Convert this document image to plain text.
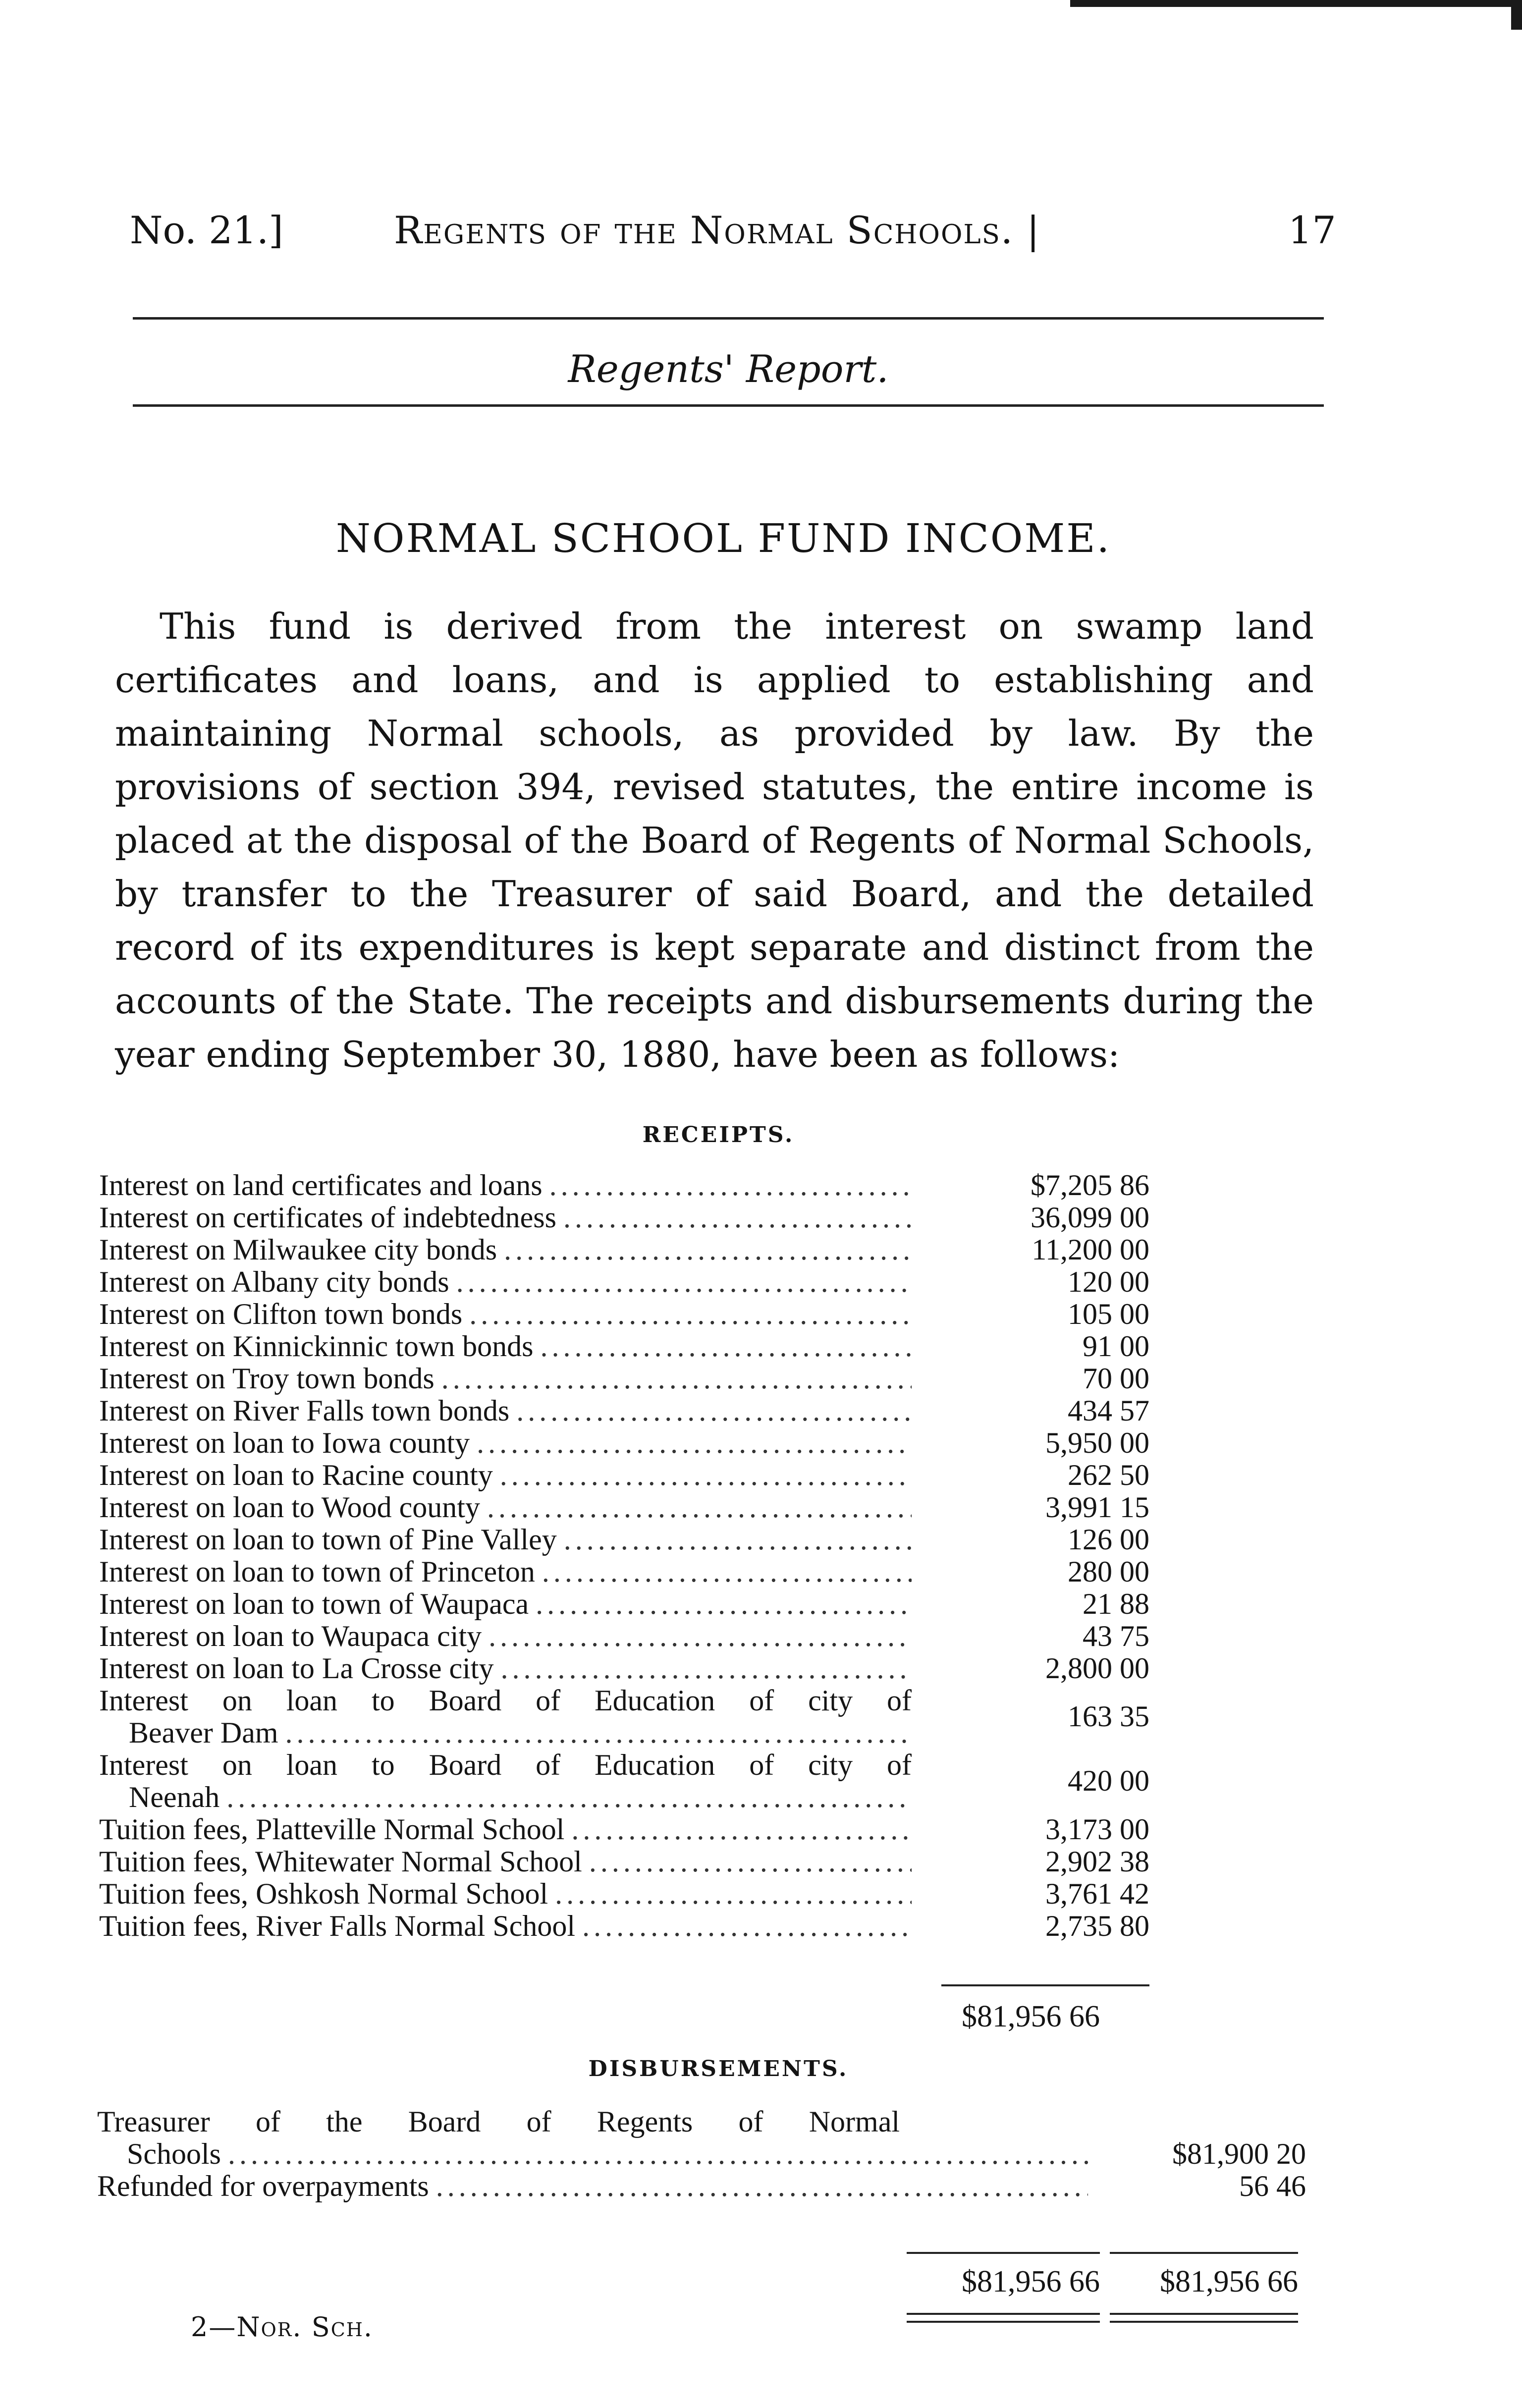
No. 21.]	Regents of the Normal Schools. |	17
Regents' Report.
NORMAL SCHOOL FUND INCOME.
This fund is derived from the interest on swamp land certificates and loans, and is applied to establishing and maintaining Normal schools, as provided by law. By the provisions of section 394, revised statutes, the entire income is placed at the disposal of the Board of Regents of Normal Schools, by transfer to the Treasurer of said Board, and the detailed record of its expenditures is kept separate and distinct from the accounts of the State. The receipts and disbursements during the year ending September 30, 1880, have been as follows:
RECEIPTS.
Interest on land certificates and loans .....	$7,205 86
Interest on certificates of indebtedness .....	36,099 00
Interest on Milwaukee city bonds .....	11,200 00
Interest on Albany city bonds .....	120 00
Interest on Clifton town bonds .....	105 00
Interest on Kinnickinnic town bonds .....	91 00
Interest on Troy town bonds .....	70 00
Interest on River Falls town bonds .....	434 57
Interest on loan to Iowa county .....	5,950 00
Interest on loan to Racine county .....	262 50
Interest on loan to Wood county .....	3,991 15
Interest on loan to town of Pine Valley .....	126 00
Interest on loan to town of Princeton .....	280 00
Interest on loan to town of Waupaca .....	21 88
Interest on loan to Waupaca city .....	43 75
Interest on loan to La Crosse city .....	2,800 00
Interest on loan to Board of Education of city of
Beaver Dam
.....	163 35
Interest on loan to Board of Education of city of
Neenah
.....	420 00
Tuition fees, Platteville Normal School .....	3,173 00
Tuition fees, Whitewater Normal School .....	2,902 38
Tuition fees, Oshkosh Normal School .....	3,761 42
Tuition fees, River Falls Normal School .....	2,735 80
$81,956 66
DISBURSEMENTS.
Treasurer of the Board of Regents of Normal
Schools .....	$81,900 20
Refunded for overpayments .....	56 46
$81,956 66	$81,956 66
2—Nor. Sch.
